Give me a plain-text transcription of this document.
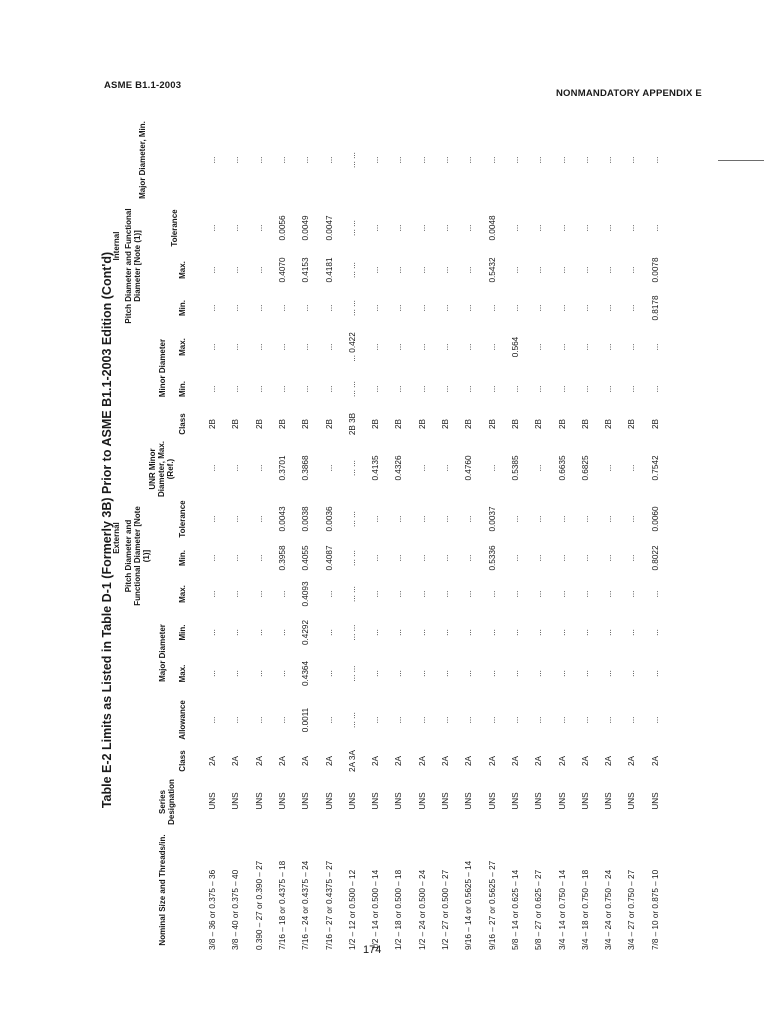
ASME B1.1-2003
NONMANDATORY APPENDIX E
Table E-2 Limits as Listed in Table D-1 (Formerly 3B) Prior to ASME B1.1-2003 Edition (Cont'd)
Nominal Size and Threads/in.
Series Designation
Class
Allowance
External
Internal
Major Diameter
Pitch Diameter and Functional Diameter [Note (1)]
UNR Minor Diameter, Max. (Ref.)
Class
Minor Diameter
Pitch Diameter and Functional Diameter [Note (1)]
Major Diameter, Min.
Max.
Min.
Max.
Min.
Tolerance
Min.
Max.
Min.
Max.
Tolerance
3/8 – 36 or 0.375 – 36
UNS
2A
...
...
...
...
...
...
...
2B
...
...
...
...
...
...
3/8 – 40 or 0.375 – 40
UNS
2A
...
...
...
...
...
...
...
2B
...
...
...
...
...
...
0.390 – 27 or 0.390 – 27
UNS
2A
...
...
...
...
...
...
...
2B
...
...
...
...
...
...
7/16 – 18 or 0.4375 – 18
UNS
2A
...
...
...
...
0.3958
0.0043
0.3701
2B
...
...
...
0.4070
0.0056
...
7/16 – 24 or 0.4375 – 24
UNS
2A
0.0011
0.4364
0.4292
0.4093
0.4055
0.0038
0.3868
2B
...
...
...
0.4153
0.0049
...
7/16 – 27 or 0.4375 – 27
UNS
2A
...
...
...
...
0.4087
0.0036
...
2B
...
...
...
0.4181
0.0047
...
1/2 – 12 or 0.500 – 12
UNS
2A 3A
... ...
... ...
... ...
... ...
... ...
... ...
... ...
2B 3B
... ...
... 0.422
... ...
... ...
... ...
... ...
1/2 – 14 or 0.500 – 14
UNS
2A
...
...
...
...
...
...
0.4135
2B
...
...
...
...
...
...
1/2 – 18 or 0.500 – 18
UNS
2A
...
...
...
...
...
...
0.4326
2B
...
...
...
...
...
...
1/2 – 24 or 0.500 – 24
UNS
2A
...
...
...
...
...
...
...
2B
...
...
...
...
...
...
1/2 – 27 or 0.500 – 27
UNS
2A
...
...
...
...
...
...
...
2B
...
...
...
...
...
...
9/16 – 14 or 0.5625 – 14
UNS
2A
...
...
...
...
...
...
0.4760
2B
...
...
...
...
...
...
9/16 – 27 or 0.5625 – 27
UNS
2A
...
...
...
...
0.5336
0.0037
...
2B
...
...
...
0.5432
0.0048
...
5/8 – 14 or 0.625 – 14
UNS
2A
...
...
...
...
...
...
0.5385
2B
...
0.564
...
...
...
...
5/8 – 27 or 0.625 – 27
UNS
2A
...
...
...
...
...
...
...
2B
...
...
...
...
...
...
3/4 – 14 or 0.750 – 14
UNS
2A
...
...
...
...
...
...
0.6635
2B
...
...
...
...
...
...
3/4 – 18 or 0.750 – 18
UNS
2A
...
...
...
...
...
...
0.6825
2B
...
...
...
...
...
...
3/4 – 24 or 0.750 – 24
UNS
2A
...
...
...
...
...
...
...
2B
...
...
...
...
...
...
3/4 – 27 or 0.750 – 27
UNS
2A
...
...
...
...
...
...
...
2B
...
...
...
...
...
...
7/8 – 10 or 0.875 – 10
UNS
2A
...
...
...
...
0.8022
0.0060
0.7542
2B
...
...
0.8178
0.0078
...
...
174
